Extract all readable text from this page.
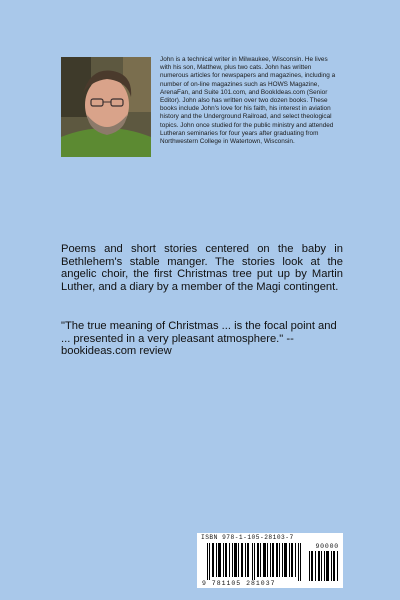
John is a technical writer in Milwaukee, Wisconsin. He lives with his son, Matthew, plus two cats. John has written numerous articles for newspapers and magazines, including a number of on-line magazines such as HOWS Magazine, ArenaFan, and Suite 101.com, and BookIdeas.com (Senior Editor). John also has written over two dozen books. These books include John's love for his faith, his interest in aviation history and the Underground Railroad, and select theological topics. John once studied for the public ministry and attended Lutheran seminaries for four years after graduating from Northwestern College in Watertown, Wisconsin.

Poems and short stories centered on the baby in Bethlehem's stable manger. The stories look at the angelic choir, the first Christmas tree put up by Martin Luther, and a diary by a member of the Magi contingent.

"The true meaning of Christmas ... is the focal point and ... presented in a very pleasant atmosphere." --bookideas.com review

ISBN 978-1-105-28103-7
90000
9 781105 281037
